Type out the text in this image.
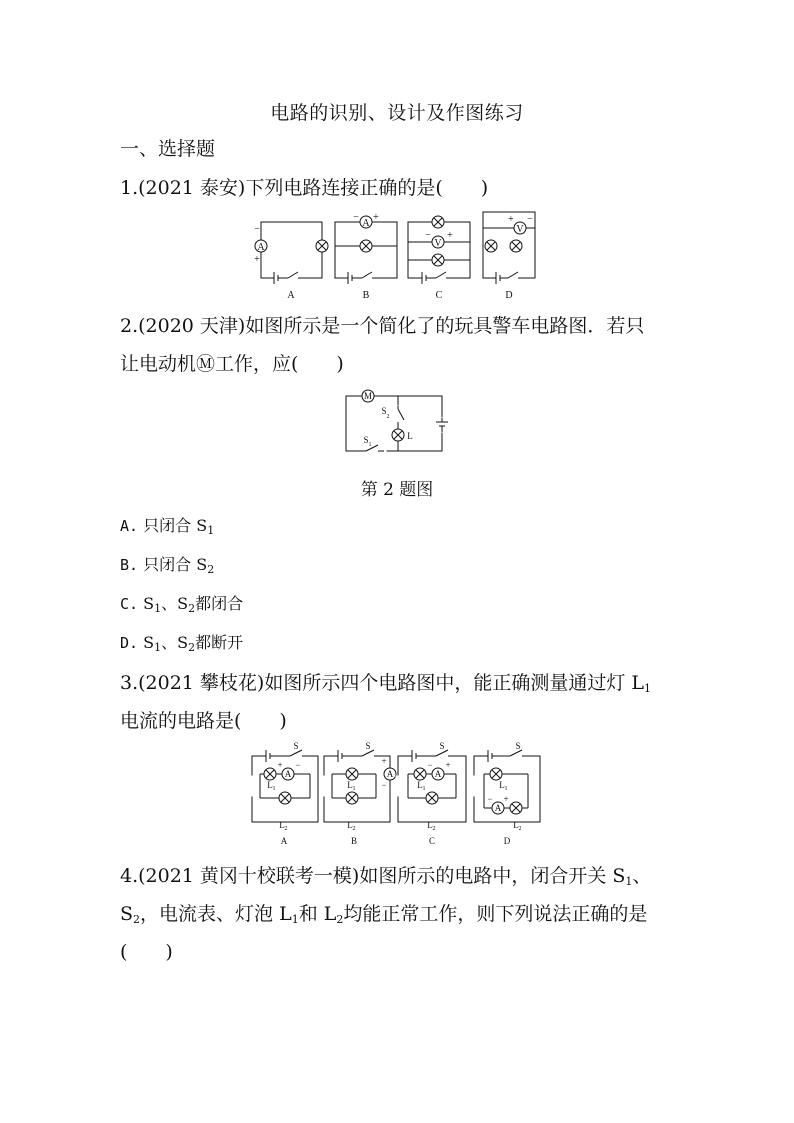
电路的识别、设计及作图练习
一、选择题
1.(2021 泰安)下列电路连接正确的是(　　)
A
A
V
V
−
+
− +
− +
+ −
A	B	C	D
2.(2020 天津)如图所示是一个简化了的玩具警车电路图．若只
让电动机Ⓜ工作，应(　　)
M
S
2
L
S 1
第 2 题图
A. 只闭合 $S_1$
B. 只闭合 $S_2$
C. $S_1$、$S_2$都闭合
D. $S_1$、$S_2$都断开
3.(2021 攀枝花)如图所示四个电路图中，能正确测量通过灯 $L_1$
电流的电路是(　　)
A	A	A
A
S	S	S	S
+ −	+
−
− +
− +
L 1	L 1	L 1	L 1
L 2	L 2	L 2	L 2
A	B	C	D
4.(2021 黄冈十校联考一模)如图所示的电路中，闭合开关 $S_1$、
$S_2$，电流表、灯泡 $L_1$和 $L_2$均能正常工作，则下列说法正确的是
(　　)
